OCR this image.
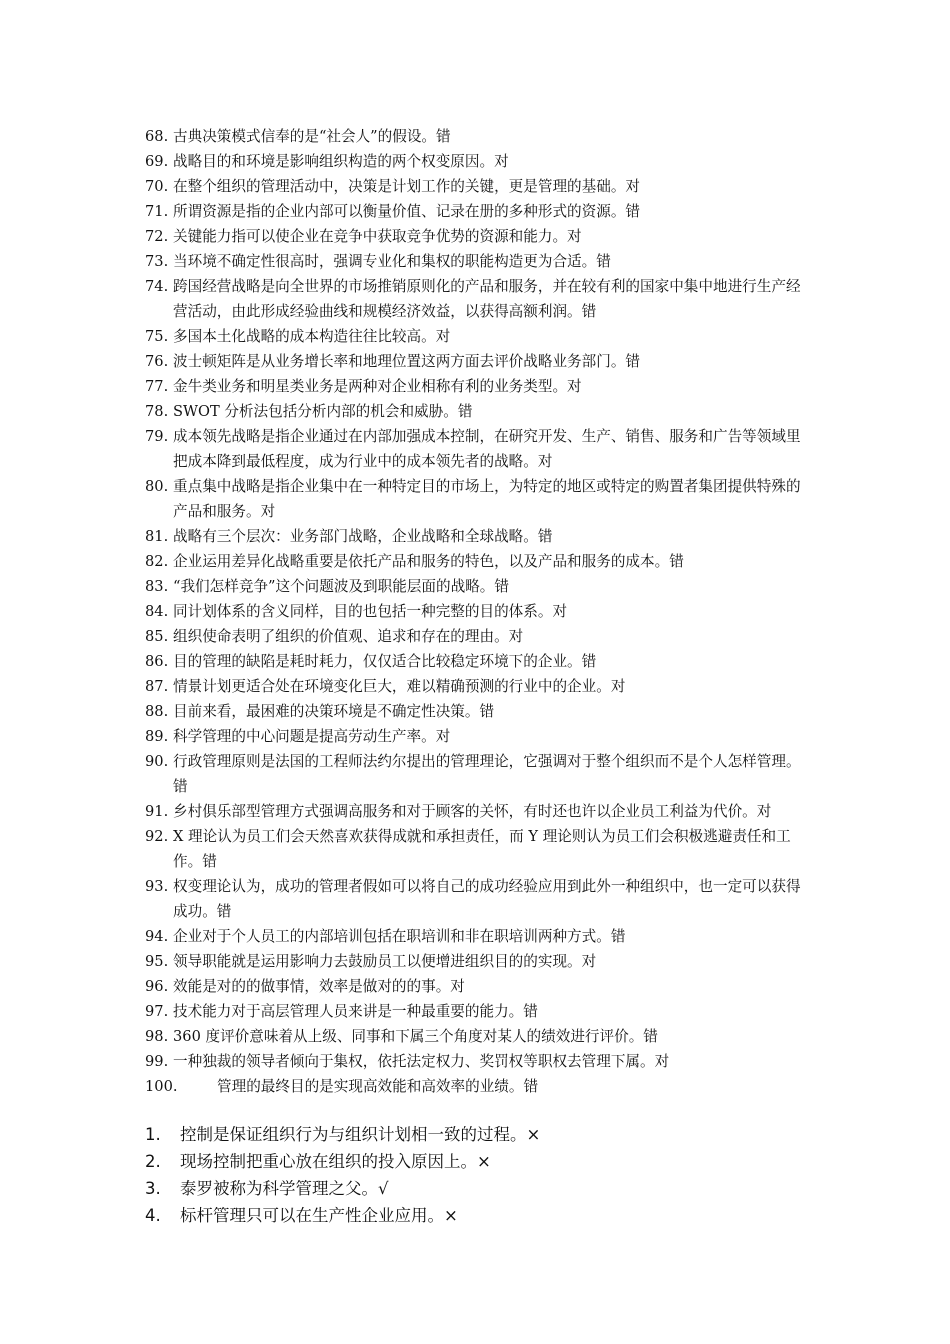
68. 古典决策模式信奉的是“社会人”的假设。错
69. 战略目的和环境是影响组织构造的两个权变原因。对
70. 在整个组织的管理活动中，决策是计划工作的关键，更是管理的基础。对
71. 所谓资源是指的企业内部可以衡量价值、记录在册的多种形式的资源。错
72. 关键能力指可以使企业在竞争中获取竞争优势的资源和能力。对
73. 当环境不确定性很高时，强调专业化和集权的职能构造更为合适。错
74. 跨国经营战略是向全世界的市场推销原则化的产品和服务，并在较有利的国家中集中地进行生产经营活动，由此形成经验曲线和规模经济效益，以获得高额利润。错
75. 多国本土化战略的成本构造往往比较高。对
76. 波士顿矩阵是从业务增长率和地理位置这两方面去评价战略业务部门。错
77. 金牛类业务和明星类业务是两种对企业相称有利的业务类型。对
78. SWOT 分析法包括分析内部的机会和威胁。错
79. 成本领先战略是指企业通过在内部加强成本控制，在研究开发、生产、销售、服务和广告等领域里把成本降到最低程度，成为行业中的成本领先者的战略。对
80. 重点集中战略是指企业集中在一种特定目的市场上，为特定的地区或特定的购置者集团提供特殊的产品和服务。对
81. 战略有三个层次：业务部门战略，企业战略和全球战略。错
82. 企业运用差异化战略重要是依托产品和服务的特色，以及产品和服务的成本。错
83. “我们怎样竞争”这个问题波及到职能层面的战略。错
84. 同计划体系的含义同样，目的也包括一种完整的目的体系。对
85. 组织使命表明了组织的价值观、追求和存在的理由。对
86. 目的管理的缺陷是耗时耗力，仅仅适合比较稳定环境下的企业。错
87. 情景计划更适合处在环境变化巨大，难以精确预测的行业中的企业。对
88. 目前来看，最困难的决策环境是不确定性决策。错
89. 科学管理的中心问题是提高劳动生产率。对
90. 行政管理原则是法国的工程师法约尔提出的管理理论，它强调对于整个组织而不是个人怎样管理。错
91. 乡村俱乐部型管理方式强调高服务和对于顾客的关怀，有时还也许以企业员工利益为代价。对
92. X 理论认为员工们会天然喜欢获得成就和承担责任，而 Y 理论则认为员工们会积极逃避责任和工作。错
93. 权变理论认为，成功的管理者假如可以将自己的成功经验应用到此外一种组织中，也一定可以获得成功。错
94. 企业对于个人员工的内部培训包括在职培训和非在职培训两种方式。错
95. 领导职能就是运用影响力去鼓励员工以便增进组织目的的实现。对
96. 效能是对的的做事情，效率是做对的的事。对
97. 技术能力对于高层管理人员来讲是一种最重要的能力。错
98. 360 度评价意味着从上级、同事和下属三个角度对某人的绩效进行评价。错
99. 一种独裁的领导者倾向于集权，依托法定权力、奖罚权等职权去管理下属。对
100.	管理的最终目的是实现高效能和高效率的业绩。错
1.	控制是保证组织行为与组织计划相一致的过程。×
2.	现场控制把重心放在组织的投入原因上。×
3.	泰罗被称为科学管理之父。√
4.	标杆管理只可以在生产性企业应用。×
